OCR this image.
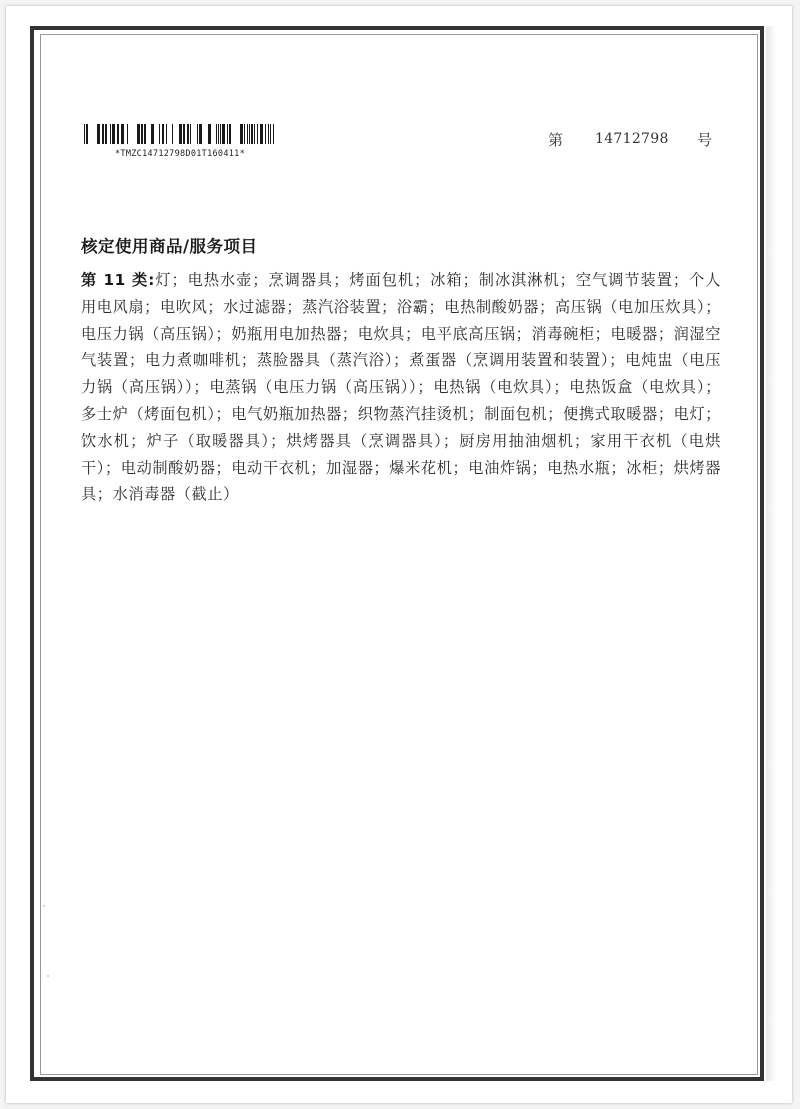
*TMZC14712798D01T160411*
第 14712798 号
核定使用商品/服务项目
第 11 类:灯；电热水壶；烹调器具；烤面包机；冰箱；制冰淇淋机；空气调节装置；个人用电风扇；电吹风；水过滤器；蒸汽浴装置；浴霸；电热制酸奶器；高压锅（电加压炊具）；电压力锅（高压锅）；奶瓶用电加热器；电炊具；电平底高压锅；消毒碗柜；电暖器；润湿空气装置；电力煮咖啡机；蒸脸器具（蒸汽浴）；煮蛋器（烹调用装置和装置）；电炖盅（电压力锅（高压锅））；电蒸锅（电压力锅（高压锅））；电热锅（电炊具）；电热饭盒（电炊具）；多士炉（烤面包机）；电气奶瓶加热器；织物蒸汽挂烫机；制面包机；便携式取暖器；电灯；饮水机；炉子（取暖器具）；烘烤器具（烹调器具）；厨房用抽油烟机；家用干衣机（电烘干）；电动制酸奶器；电动干衣机；加湿器；爆米花机；电油炸锅；电热水瓶；冰柜；烘烤器具；水消毒器（截止）
